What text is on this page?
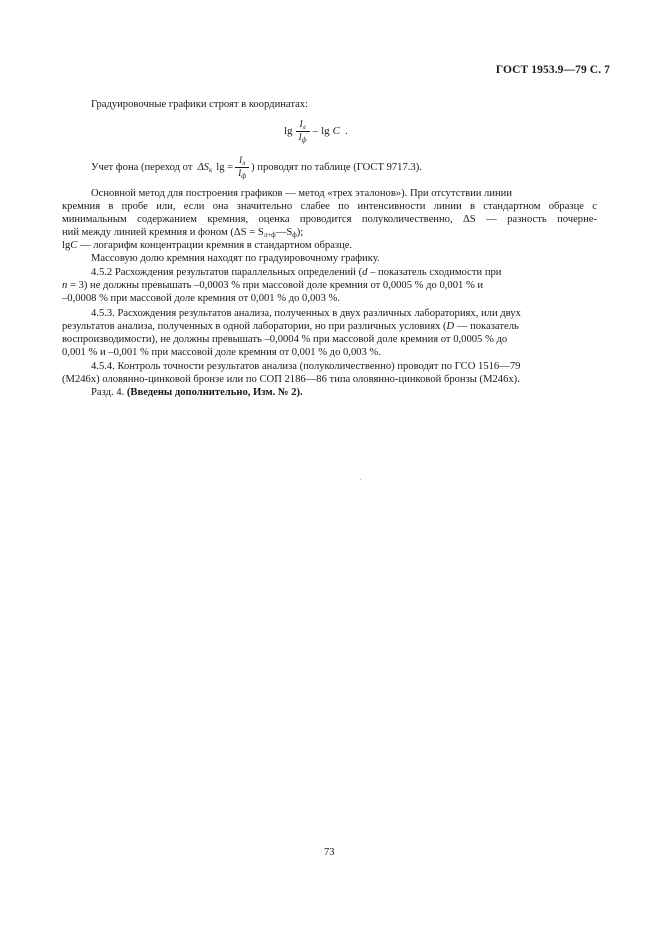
ГОСТ 1953.9—79 С. 7
Градуировочные графики строят в координатах:
$\lg \frac{I_л}{I_ф}$ – lg C .
Учет фона (переход от $\Delta S_к$ lg =
$I_л$
$I_ф$
) проводят по таблице (ГОСТ 9717.3).
Основной метод для построения графиков — метод «трех эталонов»). При отсутствии линии
кремния в пробе или, если она значительно слабее по интенсивности линии в стандартном образце с
минимальным содержанием кремния, оценка проводится полуколичественно, ΔS — разность почерне-
ний между линией кремния и фоном $(\Delta S = S_{л+ф}—S_ф)$;
lgC — логарифм концентрации кремния в стандартном образце.
Массовую долю кремния находят по градуировочному графику.
4.5.2 Расхождения результатов параллельных определений (d – показатель сходимости при
n = 3) не должны превышать –0,0003 % при массовой доле кремния от 0,0005 % до 0,001 % и
–0,0008 % при массовой доле кремния от 0,001 % до 0,003 %.
4.5.3. Расхождения результатов анализа, полученных в двух различных лабораториях, или двух
результатов анализа, полученных в одной лаборатории, но при различных условиях (D — показатель
воспроизводимости), не должны превышать –0,0004 % при массовой доле кремния от 0,0005 % до
0,001 % и –0,001 % при массовой доле кремния от 0,001 % до 0,003 %.
4.5.4. Контроль точности результатов анализа (полуколичественно) проводят по ГСО 1516—79
(М246х) оловянно-цинковой бронзе или по СОП 2186—86 типа оловянно-цинковой бронзы (М246х).
Разд. 4. (Введены дополнительно, Изм. № 2).
73
